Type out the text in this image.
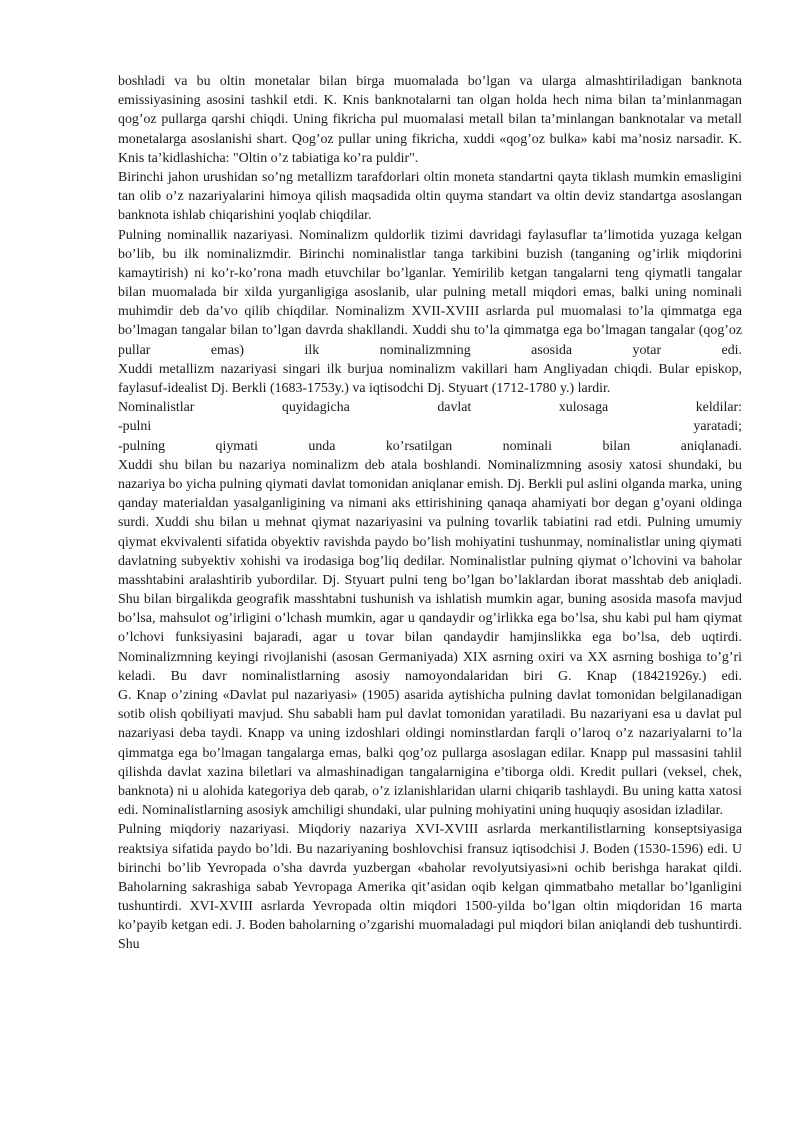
boshladi va bu oltin monetalar bilan birga muomalada bo’lgan va ularga almashtiriladigan banknota emissiyasining asosini tashkil etdi. K. Knis banknotalarni tan olgan holda hech nima bilan ta’minlanmagan qog’oz pullarga qarshi chiqdi. Uning fikricha pul muomalasi metall bilan ta’minlangan banknotalar va metall monetalarga asoslanishi shart. Qog’oz pullar uning fikricha, xuddi «qog’oz bulka» kabi ma’nosiz narsadir. K. Knis ta’kidlashicha: "Oltin o’z tabiatiga ko’ra puldir".

Birinchi jahon urushidan so’ng metallizm tarafdorlari oltin moneta standartni qayta tiklash mumkin emasligini tan olib o’z nazariyalarini himoya qilish maqsadida oltin quyma standart va oltin deviz standartga asoslangan banknota ishlab chiqarishini yoqlab chiqdilar.

Pulning nominallik nazariyasi. Nominalizm quldorlik tizimi davridagi faylasuflar ta’limotida yuzaga kelgan bo’lib, bu ilk nominalizmdir. Birinchi nominalistlar tanga tarkibini buzish (tanganing og’irlik miqdorini kamaytirish) ni ko’r-ko’rona madh etuvchilar bo’lganlar. Yemirilib ketgan tangalarni teng qiymatli tangalar bilan muomalada bir xilda yurganligiga asoslanib, ular pulning metall miqdori emas, balki uning nominali muhimdir deb da’vo qilib chiqdilar. Nominalizm XVII-XVIII asrlarda pul muomalasi to’la qimmatga ega bo’lmagan tangalar bilan to’lgan davrda shakllandi. Xuddi shu to’la qimmatga ega bo’lmagan tangalar (qog’oz pullar emas) ilk nominalizmning asosida yotar edi.

Xuddi metallizm nazariyasi singari ilk burjua nominalizm vakillari ham Angliyadan chiqdi. Bular episkop, faylasuf-idealist Dj. Berkli (1683-1753y.) va iqtisodchi Dj. Styuart (1712-1780 y.) lardir.

Nominalistlar quyidagicha davlat xulosaga keldilar:

-pulni yaratadi;

-pulning qiymati unda ko’rsatilgan nominali bilan aniqlanadi.

Xuddi shu bilan bu nazariya nominalizm deb atala boshlandi. Nominalizmning asosiy xatosi shundaki, bu nazariya bo yicha pulning qiymati davlat tomonidan aniqlanar emish. Dj. Berkli pul aslini olganda marka, uning qanday materialdan yasalganligining va nimani aks ettirishining qanaqa ahamiyati bor degan g’oyani oldinga surdi. Xuddi shu bilan u mehnat qiymat nazariyasini va pulning tovarlik tabiatini rad etdi. Pulning umumiy qiymat ekvivalenti sifatida obyektiv ravishda paydo bo’lish mohiyatini tushunmay, nominalistlar uning qiymati davlatning subyektiv xohishi va irodasiga bog’liq dedilar. Nominalistlar pulning qiymat o’lchovini va baholar masshtabini aralashtirib yubordilar. Dj. Styuart pulni teng bo’lgan bo’laklardan iborat masshtab deb aniqladi. Shu bilan birgalikda geografik masshtabni tushunish va ishlatish mumkin agar, buning asosida masofa mavjud bo’lsa, mahsulot og’irligini o’lchash mumkin, agar u qandaydir og’irlikka ega bo’lsa, shu kabi pul ham qiymat o’lchovi funksiyasini bajaradi, agar u tovar bilan qandaydir hamjinslikka ega bo’lsa, deb uqtirdi. Nominalizmning keyingi rivojlanishi (asosan Germaniyada) XIX asrning oxiri va XX asrning boshiga to’g’ri keladi. Bu davr nominalistlarning asosiy namoyondalaridan biri G. Knap (18421926y.) edi.

G. Knap o’zining «Davlat pul nazariyasi» (1905) asarida aytishicha pulning davlat tomonidan belgilanadigan sotib olish qobiliyati mavjud. Shu sababli ham pul davlat tomonidan yaratiladi. Bu nazariyani esa u davlat pul nazariyasi deba taydi. Knapp va uning izdoshlari oldingi nominstlardan farqli o’laroq o’z nazariyalarni to’la qimmatga ega bo’lmagan tangalarga emas, balki qog’oz pullarga asoslagan edilar. Knapp pul massasini tahlil qilishda davlat xazina biletlari va almashinadigan tangalarnigina e’tiborga oldi. Kredit pullari (veksel, chek, banknota) ni u alohida kategoriya deb qarab, o’z izlanishlaridan ularni chiqarib tashlaydi. Bu uning katta xatosi edi. Nominalistlarning asosiyk amchiligi shundaki, ular pulning mohiyatini uning huquqiy asosidan izladilar.

Pulning miqdoriy nazariyasi. Miqdoriy nazariya XVI-XVIII asrlarda merkantilistlarning konseptsiyasiga reaktsiya sifatida paydo bo’ldi. Bu nazariyaning boshlovchisi fransuz iqtisodchisi J. Boden (1530-1596) edi. U birinchi bo’lib Yevropada o’sha davrda yuzbergan «baholar revolyutsiyasi»ni ochib berishga harakat qildi. Baholarning sakrashiga sabab Yevropaga Amerika qit’asidan oqib kelgan qimmatbaho metallar bo’lganligini tushuntirdi. XVI-XVIII asrlarda Yevropada oltin miqdori 1500-yilda bo’lgan oltin miqdoridan 16 marta ko’payib ketgan edi. J. Boden baholarning o’zgarishi muomaladagi pul miqdori bilan aniqlandi deb tushuntirdi. Shu
